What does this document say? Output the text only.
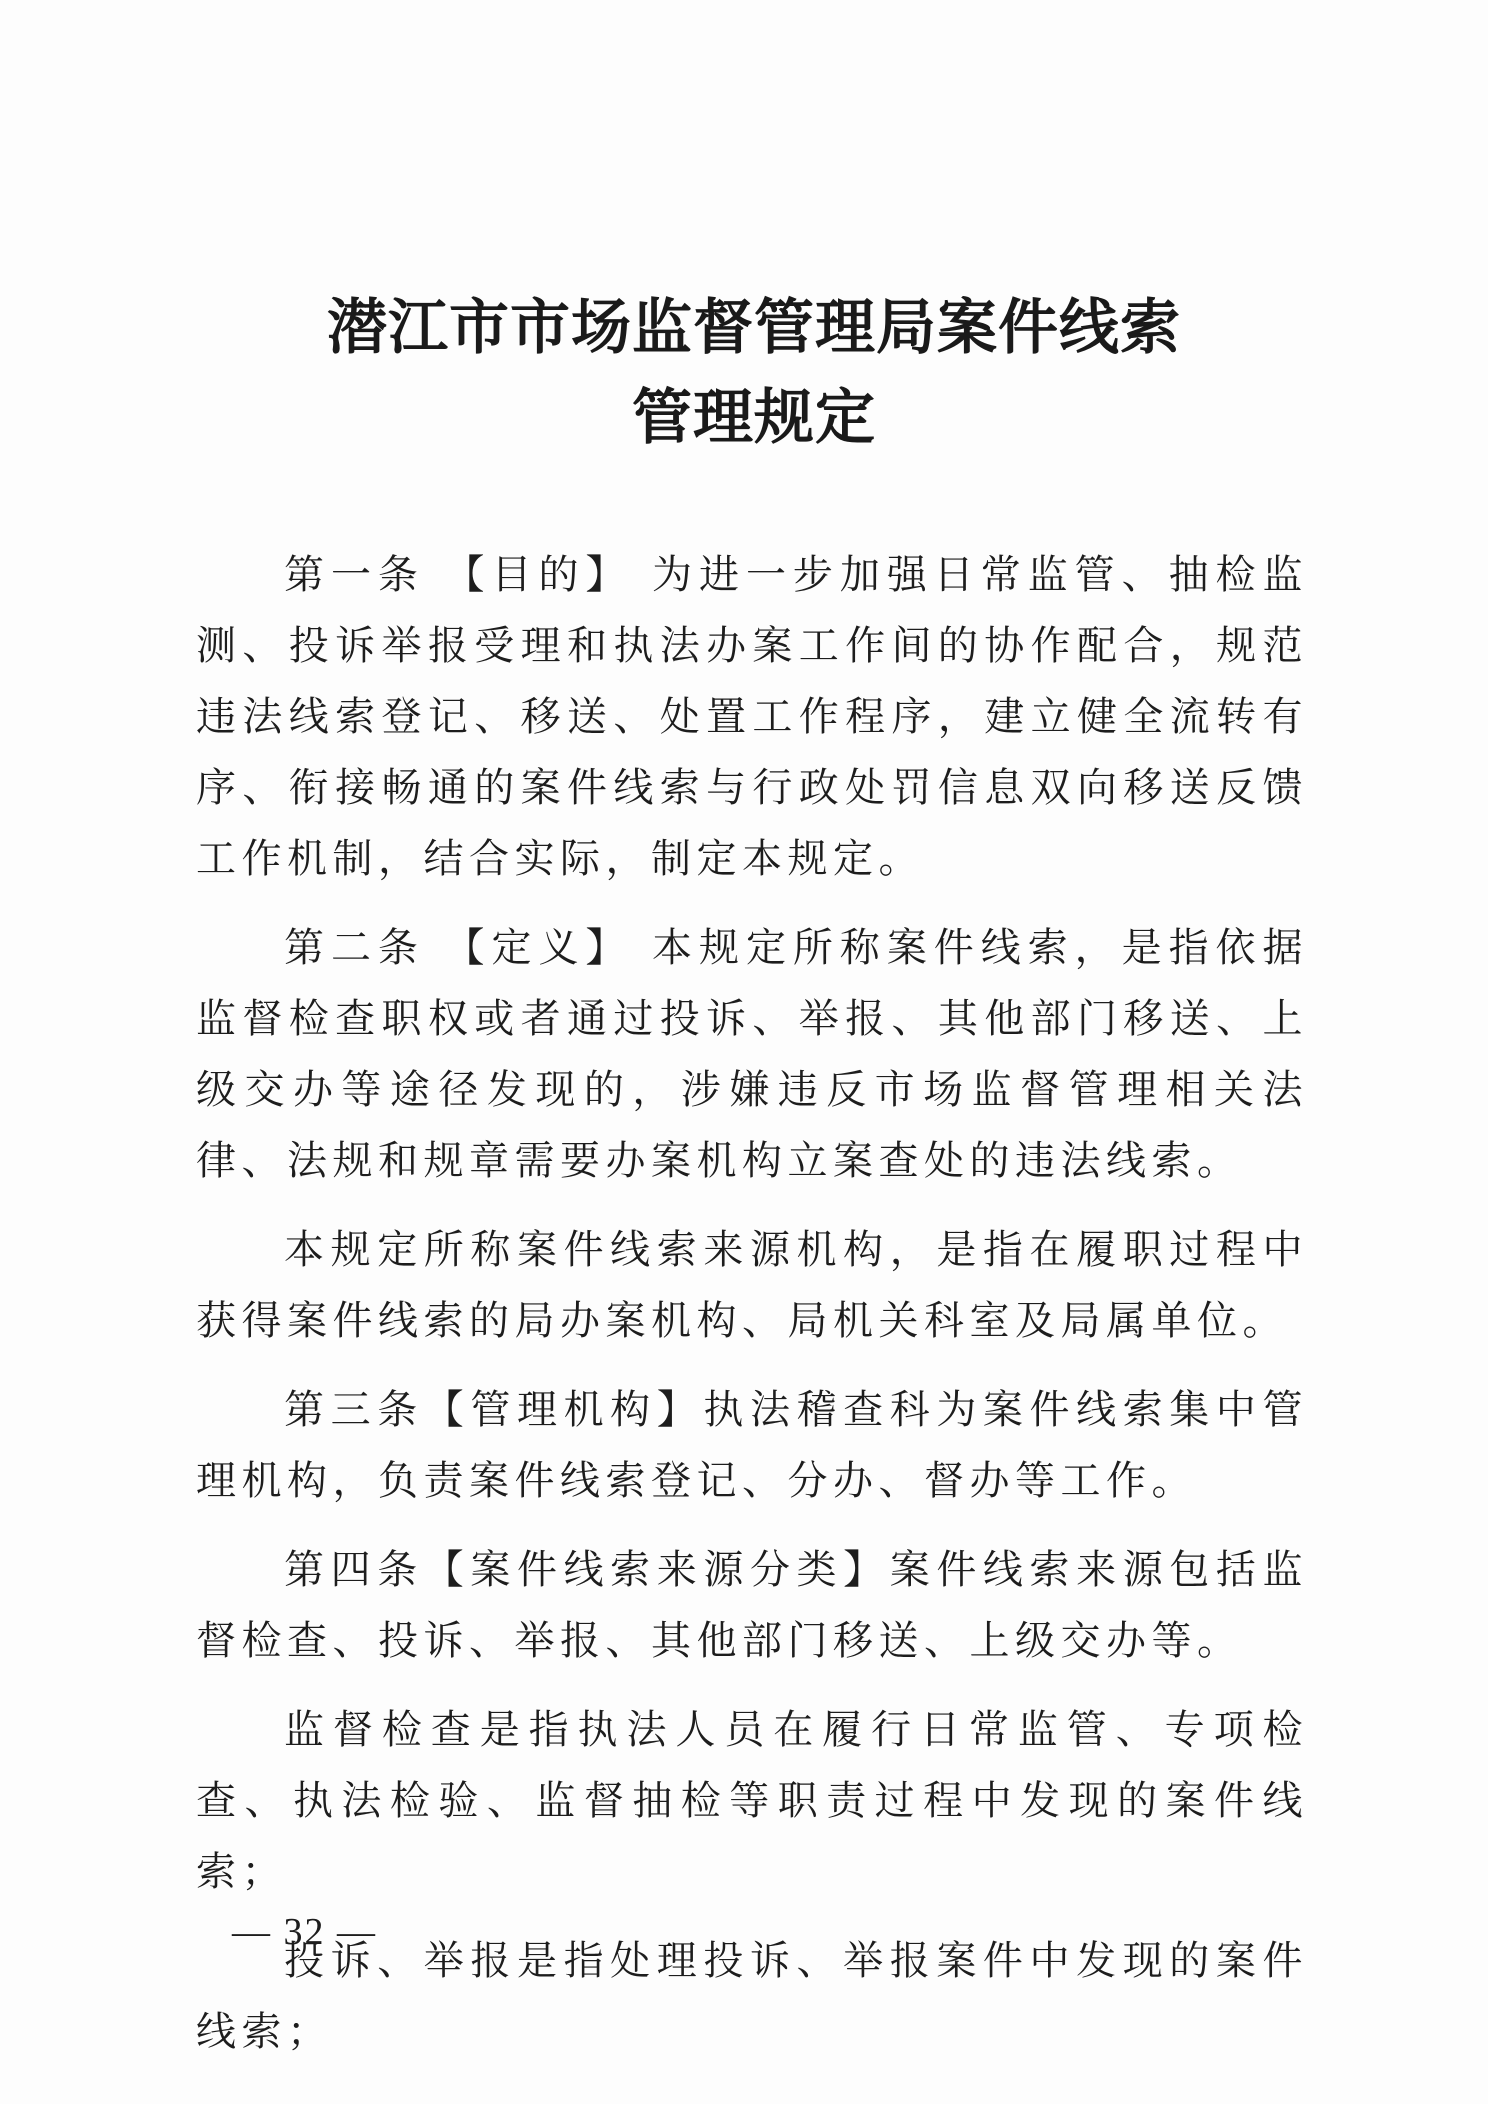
潜江市市场监督管理局案件线索
管理规定

第一条 【目的】 为进一步加强日常监管、抽检监测、投诉举报受理和执法办案工作间的协作配合，规范违法线索登记、移送、处置工作程序，建立健全流转有序、衔接畅通的案件线索与行政处罚信息双向移送反馈工作机制，结合实际，制定本规定。

第二条 【定义】 本规定所称案件线索，是指依据监督检查职权或者通过投诉、举报、其他部门移送、上级交办等途径发现的，涉嫌违反市场监督管理相关法律、法规和规章需要办案机构立案查处的违法线索。

本规定所称案件线索来源机构，是指在履职过程中获得案件线索的局办案机构、局机关科室及局属单位。

第三条【管理机构】执法稽查科为案件线索集中管理机构，负责案件线索登记、分办、督办等工作。

第四条【案件线索来源分类】案件线索来源包括监督检查、投诉、举报、其他部门移送、上级交办等。

监督检查是指执法人员在履行日常监管、专项检查、执法检验、监督抽检等职责过程中发现的案件线索；

投诉、举报是指处理投诉、举报案件中发现的案件线索；

— 32 —
